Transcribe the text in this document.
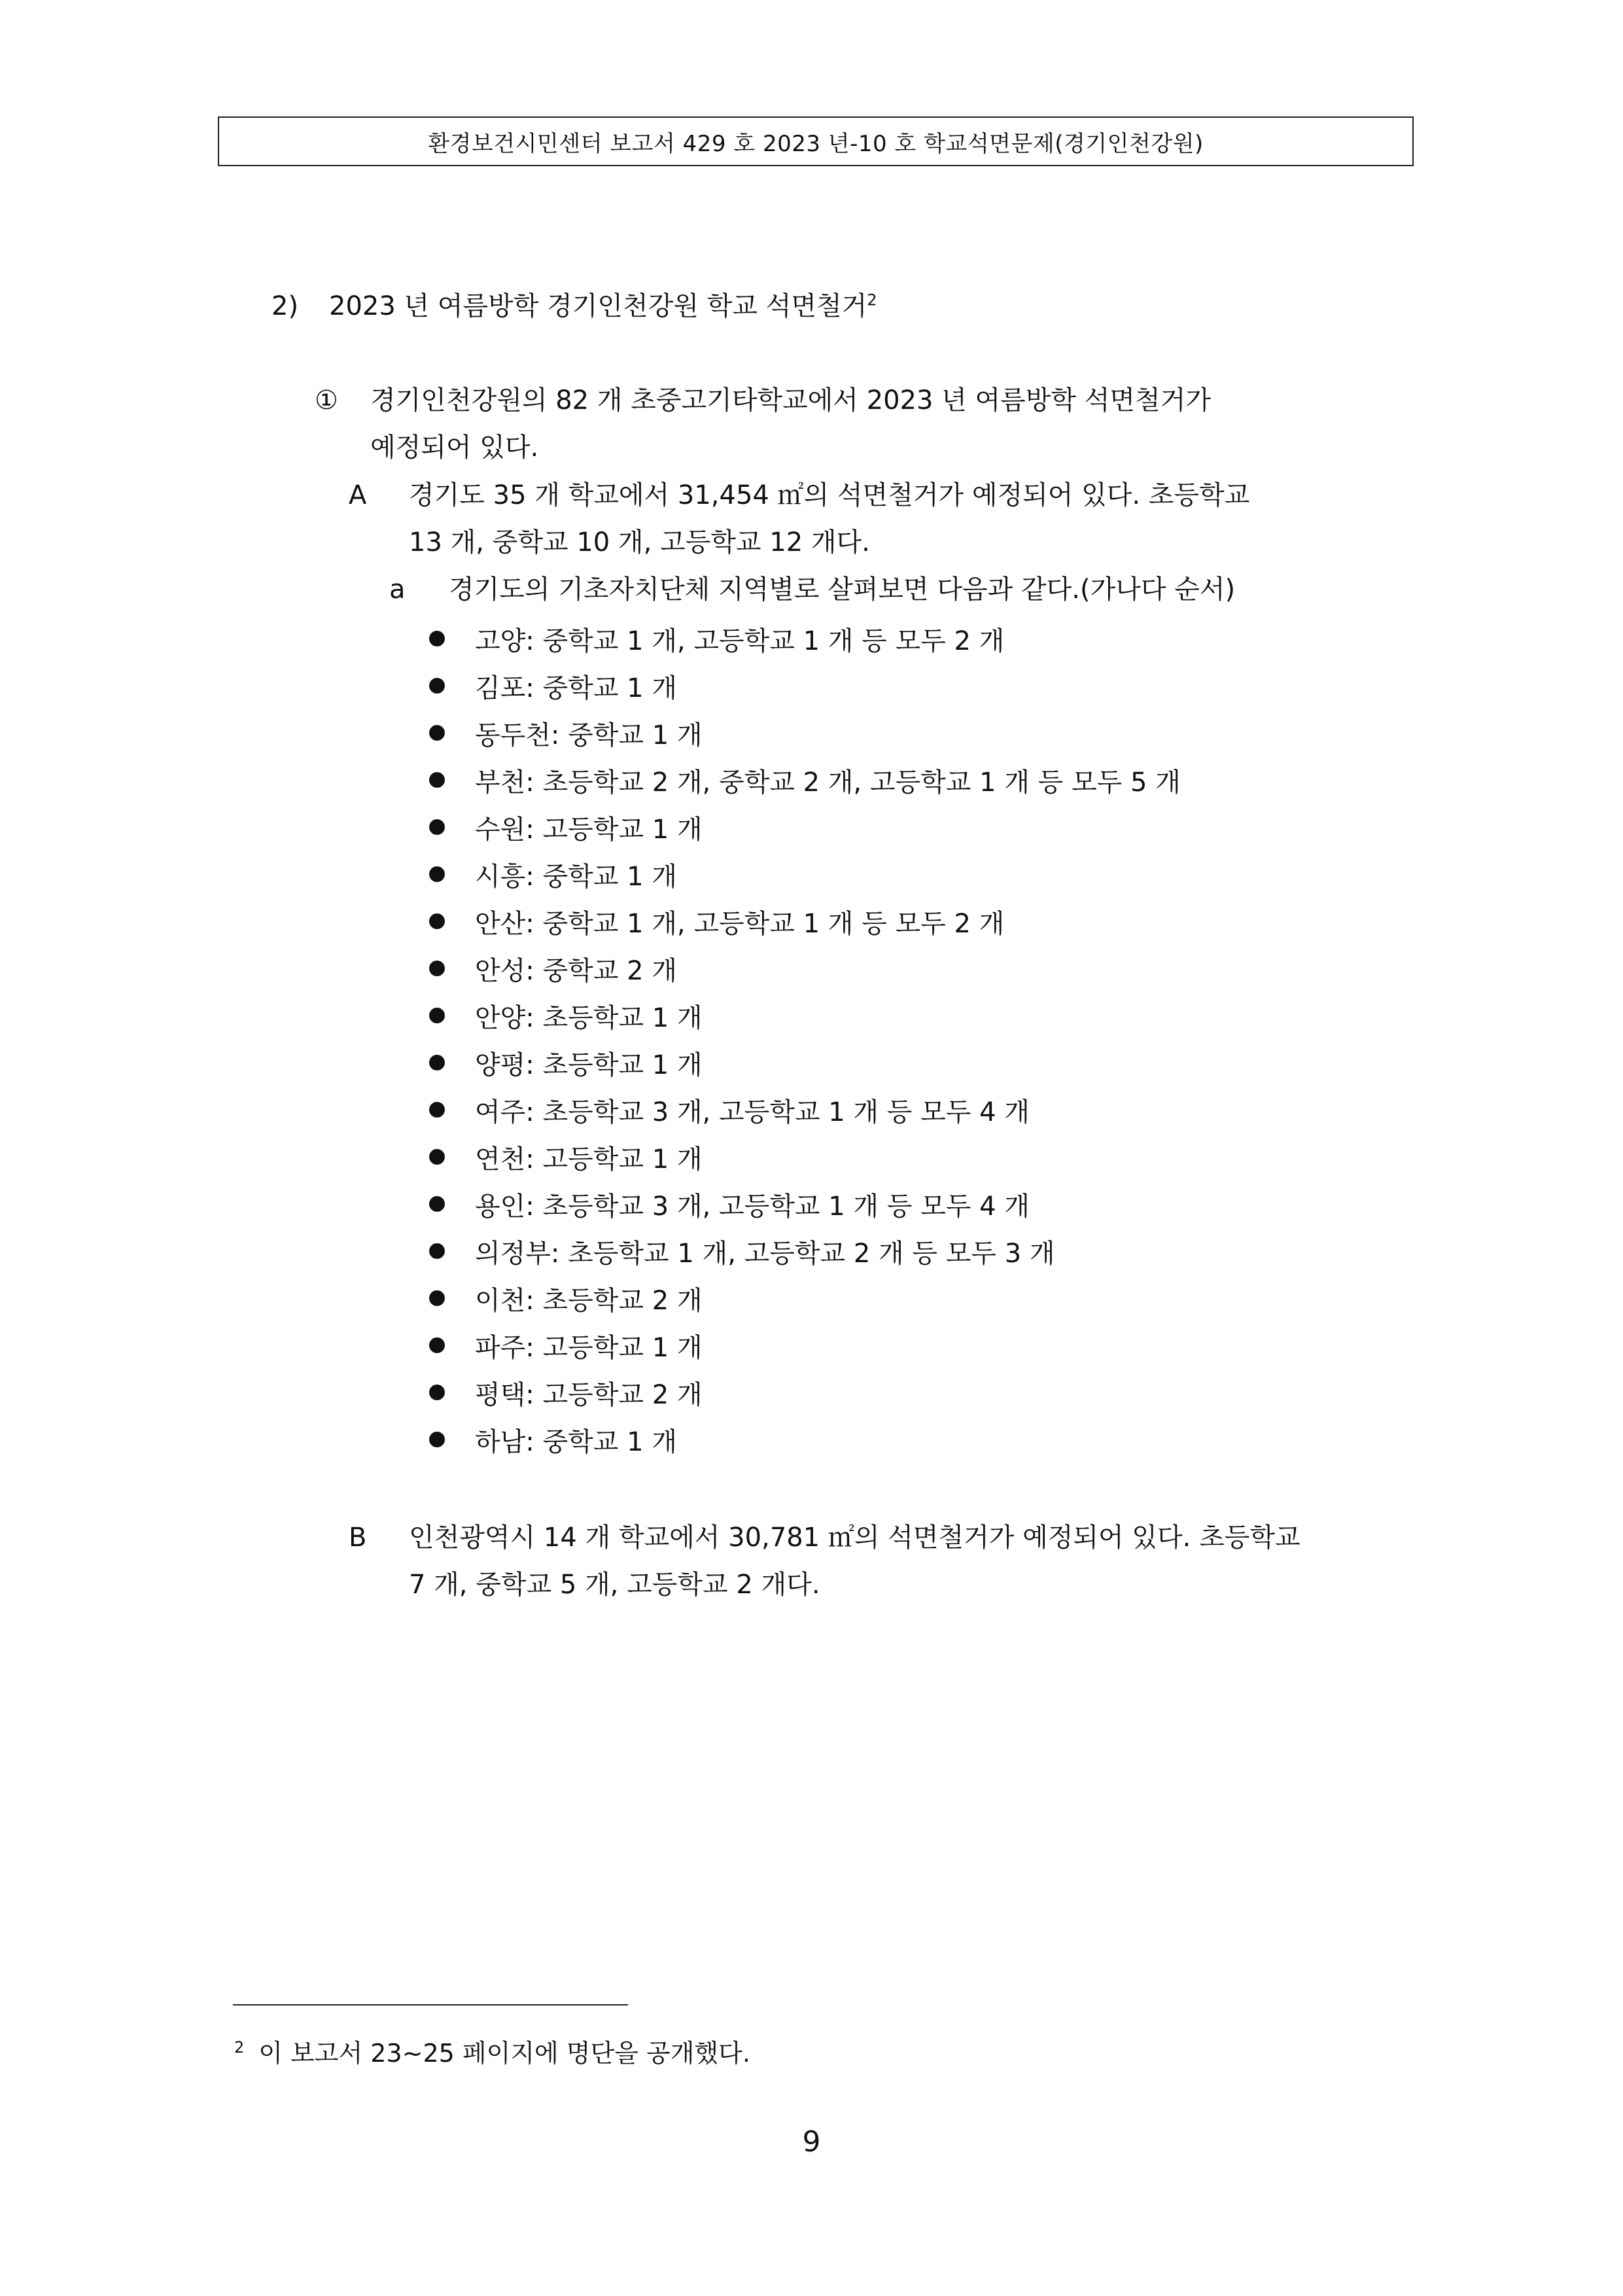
환경보건시민센터 보고서 429 호 2023 년-10 호 학교석면문제(경기인천강원)
2) 2023 년 여름방학 경기인천강원 학교 석면철거$^2$
① 경기인천강원의 82 개 초중고기타학교에서 2023 년 여름방학 석면철거가
예정되어 있다.
A 경기도 35 개 학교에서 31,454 ㎡의 석면철거가 예정되어 있다. 초등학교
13 개, 중학교 10 개, 고등학교 12 개다.
a 경기도의 기초자치단체 지역별로 살펴보면 다음과 같다.(가나다 순서)
고양: 중학교 1 개, 고등학교 1 개 등 모두 2 개
김포: 중학교 1 개
동두천: 중학교 1 개
부천: 초등학교 2 개, 중학교 2 개, 고등학교 1 개 등 모두 5 개
수원: 고등학교 1 개
시흥: 중학교 1 개
안산: 중학교 1 개, 고등학교 1 개 등 모두 2 개
안성: 중학교 2 개
안양: 초등학교 1 개
양평: 초등학교 1 개
여주: 초등학교 3 개, 고등학교 1 개 등 모두 4 개
연천: 고등학교 1 개
용인: 초등학교 3 개, 고등학교 1 개 등 모두 4 개
의정부: 초등학교 1 개, 고등학교 2 개 등 모두 3 개
이천: 초등학교 2 개
파주: 고등학교 1 개
평택: 고등학교 2 개
하남: 중학교 1 개
B 인천광역시 14 개 학교에서 30,781 ㎡의 석면철거가 예정되어 있다. 초등학교
7 개, 중학교 5 개, 고등학교 2 개다.
$^2$ 이 보고서 23~25 페이지에 명단을 공개했다.
9
